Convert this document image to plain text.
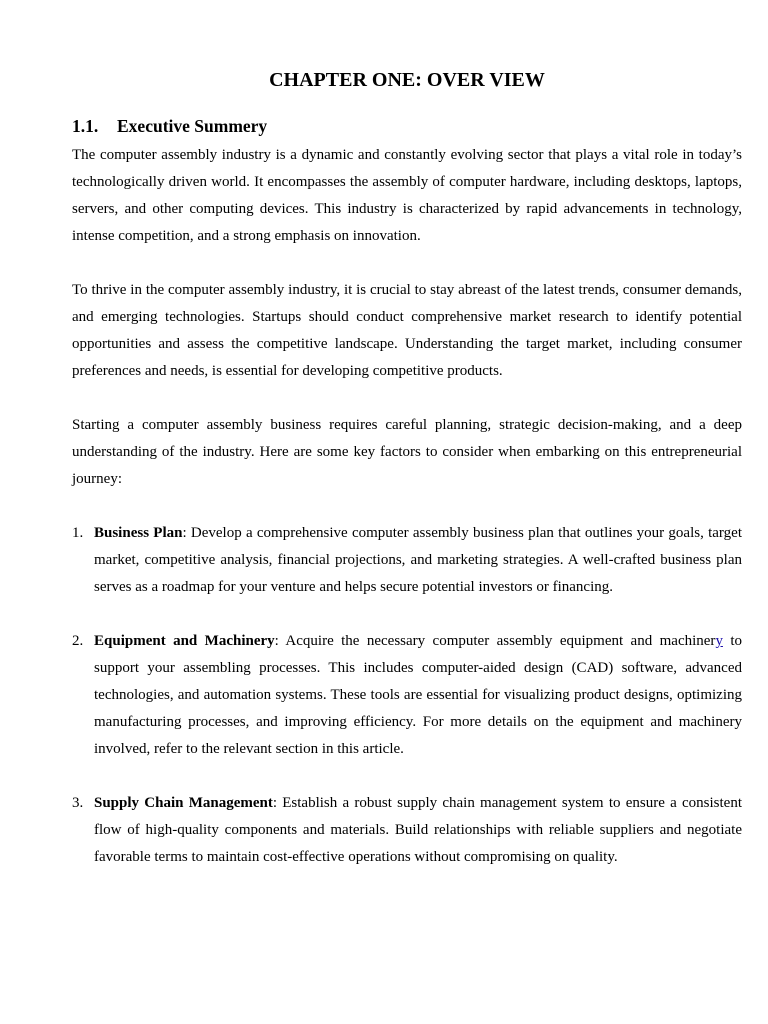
CHAPTER ONE: OVER VIEW
1.1.	Executive Summery

The computer assembly industry is a dynamic and constantly evolving sector that plays a vital role in today’s technologically driven world. It encompasses the assembly of computer hardware, including desktops, laptops, servers, and other computing devices. This industry is characterized by rapid advancements in technology, intense competition, and a strong emphasis on innovation.

To thrive in the computer assembly industry, it is crucial to stay abreast of the latest trends, consumer demands, and emerging technologies. Startups should conduct comprehensive market research to identify potential opportunities and assess the competitive landscape. Understanding the target market, including consumer preferences and needs, is essential for developing competitive products.

Starting a computer assembly business requires careful planning, strategic decision-making, and a deep understanding of the industry. Here are some key factors to consider when embarking on this entrepreneurial journey:

1. Business Plan: Develop a comprehensive computer assembly business plan that outlines your goals, target market, competitive analysis, financial projections, and marketing strategies. A well-crafted business plan serves as a roadmap for your venture and helps secure potential investors or financing.
2. Equipment and Machinery: Acquire the necessary computer assembly equipment and machinery to support your assembling processes. This includes computer-aided design (CAD) software, advanced technologies, and automation systems. These tools are essential for visualizing product designs, optimizing manufacturing processes, and improving efficiency. For more details on the equipment and machinery involved, refer to the relevant section in this article.
3. Supply Chain Management: Establish a robust supply chain management system to ensure a consistent flow of high-quality components and materials. Build relationships with reliable suppliers and negotiate favorable terms to maintain cost-effective operations without compromising on quality.
